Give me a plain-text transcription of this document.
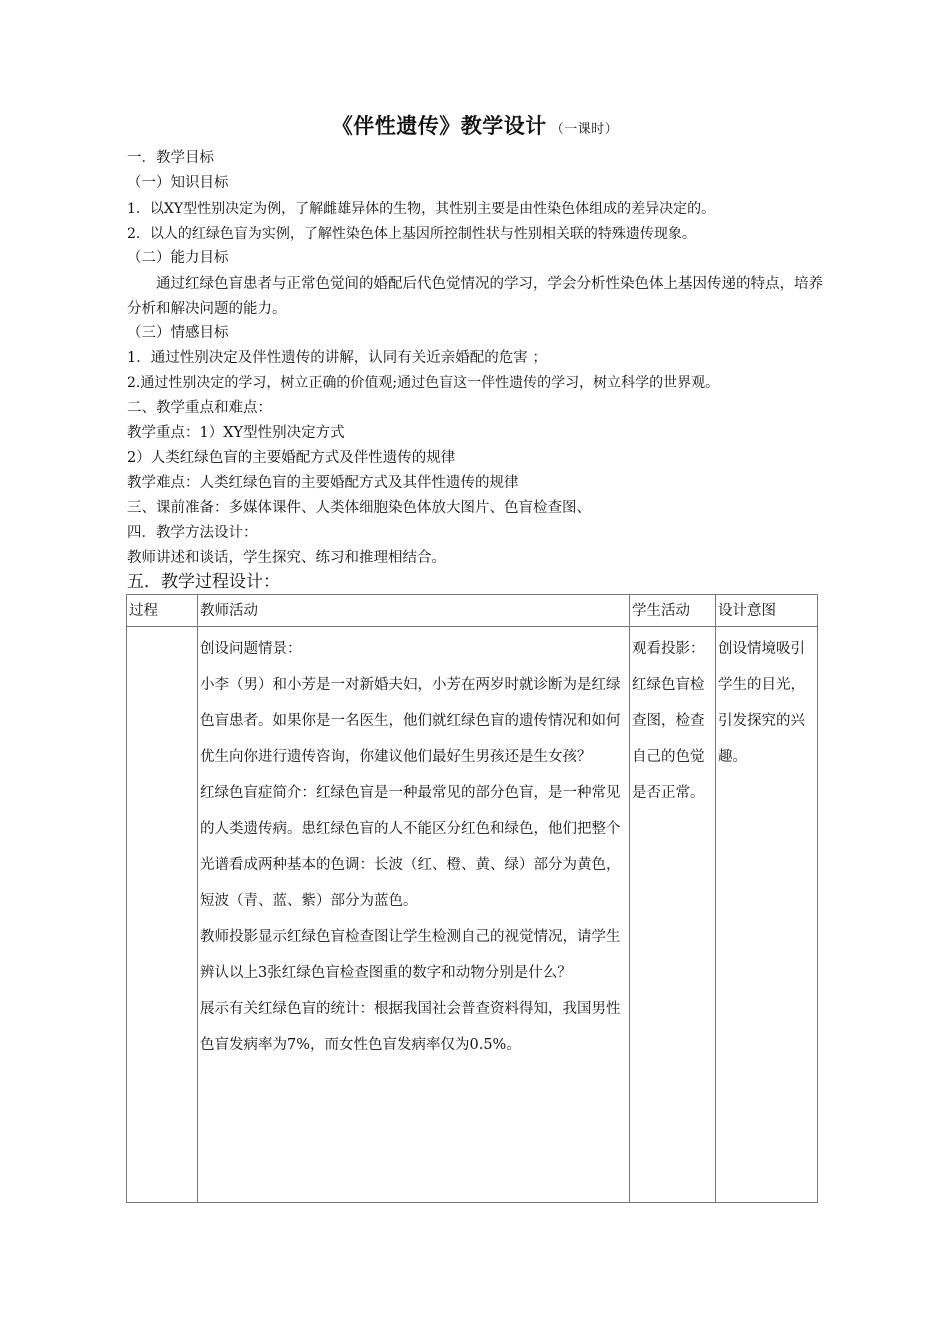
《伴性遗传》教学设计 （一课时）
一．教学目标
（一）知识目标
1．以XY型性别决定为例，了解雌雄异体的生物，其性别主要是由性染色体组成的差异决定的。
2．以人的红绿色盲为实例，了解性染色体上基因所控制性状与性别相关联的特殊遗传现象。
（二）能力目标
通过红绿色盲患者与正常色觉间的婚配后代色觉情况的学习，学会分析性染色体上基因传递的特点，培养分析和解决问题的能力。
（三）情感目标
1．通过性别决定及伴性遗传的讲解，认同有关近亲婚配的危害 ；
2.通过性别决定的学习，树立正确的价值观;通过色盲这一伴性遗传的学习，树立科学的世界观。
二、教学重点和难点：
教学重点：1）XY型性别决定方式
2）人类红绿色盲的主要婚配方式及伴性遗传的规律
教学难点：人类红绿色盲的主要婚配方式及其伴性遗传的规律
三、课前准备：多媒体课件、人类体细胞染色体放大图片、色盲检查图、
四．教学方法设计：
教师讲述和谈话，学生探究、练习和推理相结合。
五．教学过程设计：
过程	教师活动	学生活动	设计意图

	创设问题情景：
小李（男）和小芳是一对新婚夫妇，小芳在两岁时就诊断为是红绿色盲患者。如果你是一名医生，他们就红绿色盲的遗传情况和如何优生向你进行遗传咨询，你建议他们最好生男孩还是生女孩？
红绿色盲症简介：红绿色盲是一种最常见的部分色盲，是一种常见的人类遗传病。患红绿色盲的人不能区分红色和绿色，他们把整个光谱看成两种基本的色调：长波（红、橙、黄、绿）部分为黄色，短波（青、蓝、紫）部分为蓝色。
教师投影显示红绿色盲检查图让学生检测自己的视觉情况，请学生辨认以上3张红绿色盲检查图重的数字和动物分别是什么？
展示有关红绿色盲的统计：根据我国社会普查资料得知，我国男性色盲发病率为7%，而女性色盲发病率仅为0.5%。	观看投影：红绿色盲检查图，检查自己的色觉是否正常。	创设情境吸引学生的目光，引发探究的兴趣。
